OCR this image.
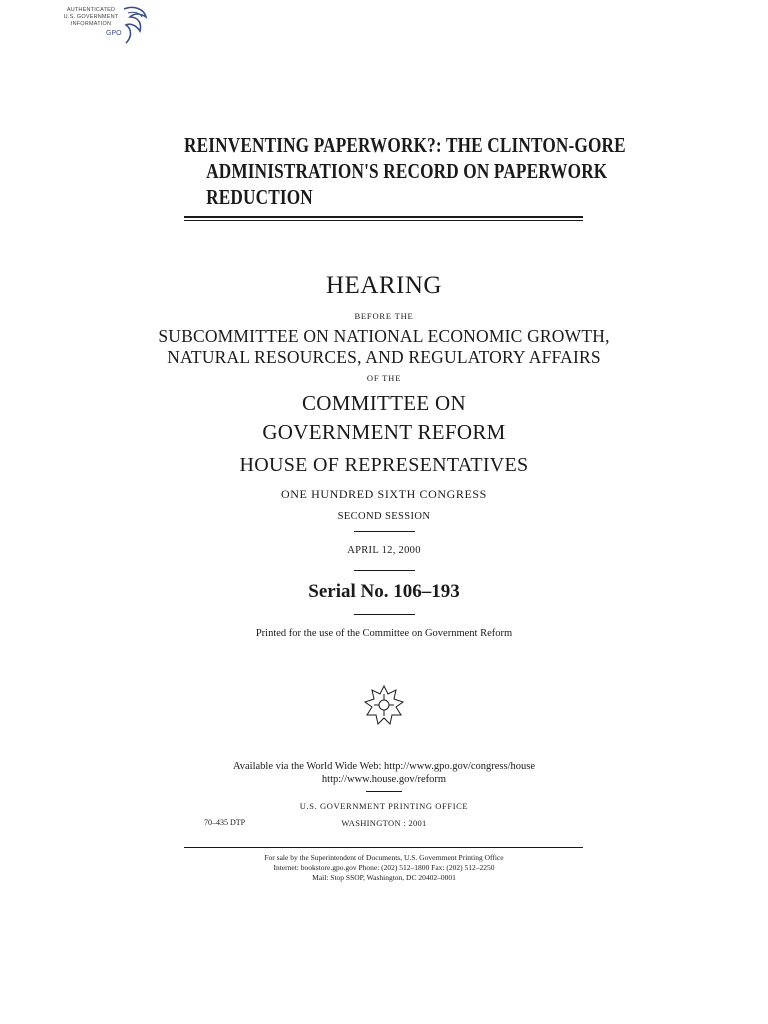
AUTHENTICATED
U.S. GOVERNMENT
INFORMATION
GPO
REINVENTING PAPERWORK?: THE CLINTON-GORE
ADMINISTRATION'S RECORD ON PAPERWORK
REDUCTION
HEARING
BEFORE THE
SUBCOMMITTEE ON NATIONAL ECONOMIC GROWTH,
NATURAL RESOURCES, AND REGULATORY AFFAIRS
OF THE
COMMITTEE ON
GOVERNMENT REFORM
HOUSE OF REPRESENTATIVES
ONE HUNDRED SIXTH CONGRESS
SECOND SESSION
APRIL 12, 2000
Serial No. 106–193
Printed for the use of the Committee on Government Reform
Available via the World Wide Web: http://www.gpo.gov/congress/house
http://www.house.gov/reform
U.S. GOVERNMENT PRINTING OFFICE
70–435 DTP	WASHINGTON : 2001
For sale by the Superintendent of Documents, U.S. Government Printing Office
Internet: bookstore.gpo.gov Phone: (202) 512–1800 Fax: (202) 512–2250
Mail: Stop SSOP, Washington, DC 20402–0001
